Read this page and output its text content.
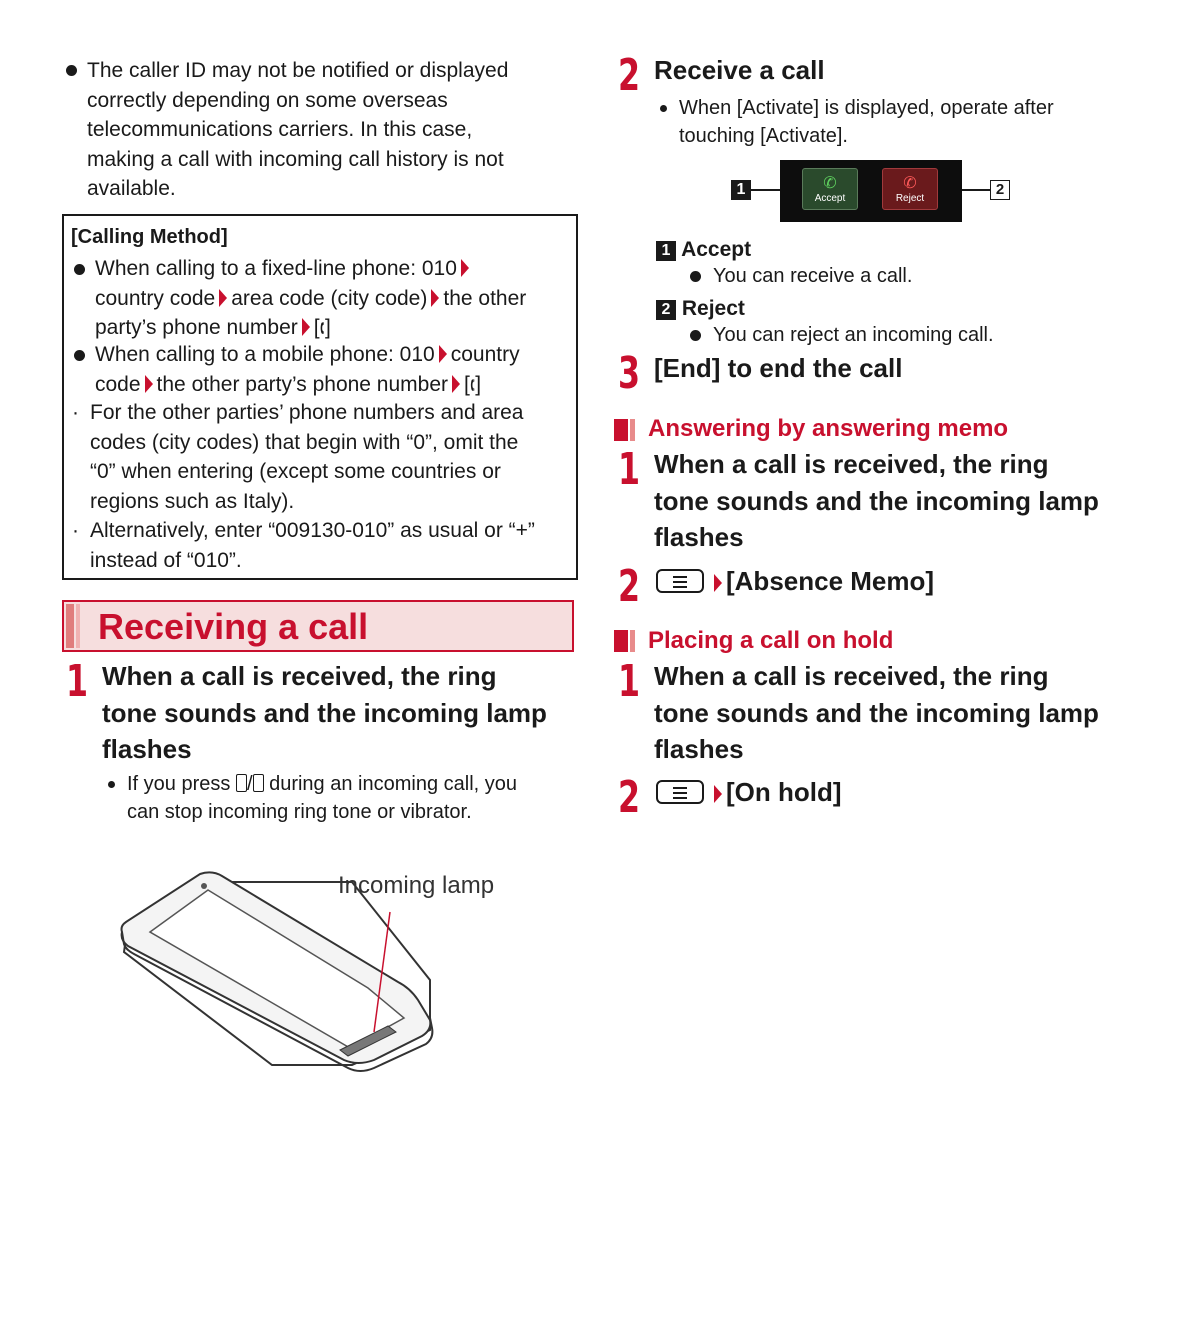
The caller ID may not be notified or displayed
correctly depending on some overseas
telecommunications carriers. In this case,
making a call with incoming call history is not
available.
[Calling Method]
When calling to a fixed-line phone: 010
country code area code (city code) the other
party’s phone number [🕻]
When calling to a mobile phone: 010 country
code the other party’s phone number [🕻]
· For the other parties’ phone numbers and area
codes (city codes) that begin with “0”, omit the
“0” when entering (except some countries or
regions such as Italy).
· Alternatively, enter “009130-010” as usual or “+”
instead of “010”.
Receiving a call
1 When a call is received, the ring
tone sounds and the incoming lamp
flashes
If you press / during an incoming call, you
can stop incoming ring tone or vibrator.
Incoming lamp
2 Receive a call
When [Activate] is displayed, operate after
touching [Activate].
1	✆
Accept
✆
Reject
2
1 Accept
You can receive a call.
2 Reject
You can reject an incoming call.
3 [End] to end the call
Answering by answering memo
1 When a call is received, the ring
tone sounds and the incoming lamp
flashes
2	[Absence Memo]
Placing a call on hold
1 When a call is received, the ring
tone sounds and the incoming lamp
flashes
2	[On hold]
